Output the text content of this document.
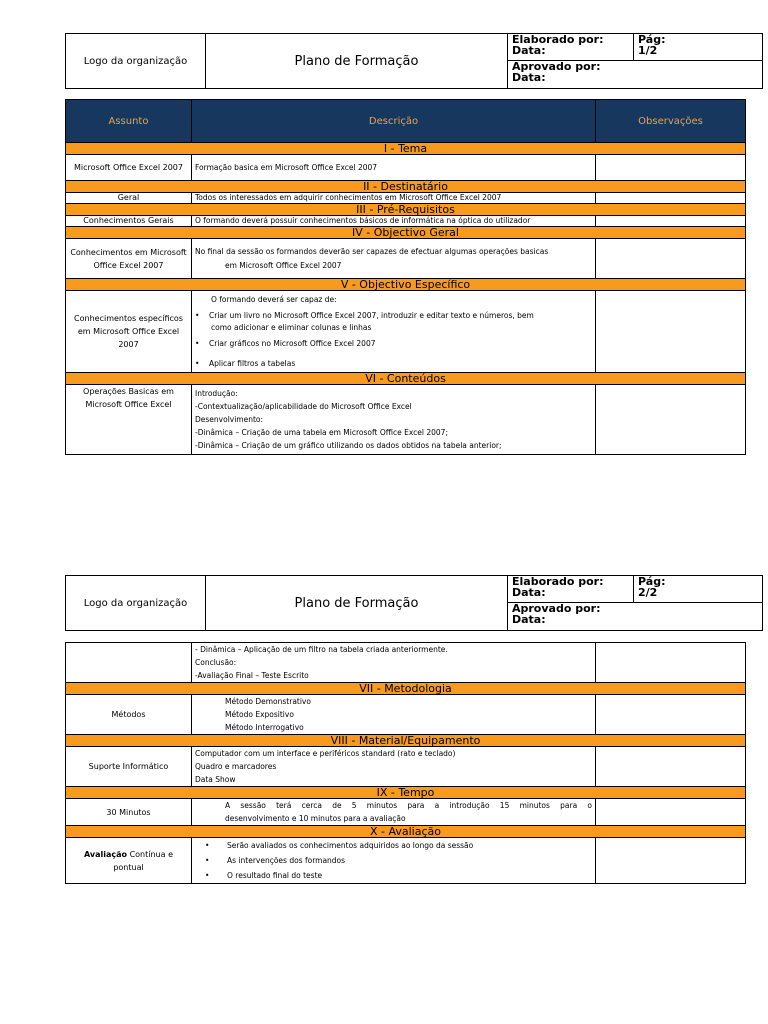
Logo da organização	Plano de Formação	
Elaborado por:
Data:

Pág:
1/2

Aprovado por:
Data:
Assunto	Descrição	Observações
I - Tema		
Microsoft Office Excel 2007	Formação basica em Microsoft Office Excel 2007	

II - Destinatário		
Geral	Todos os interessados em adquirir conhecimentos em Microsoft Office Excel 2007	

III - Pré-Requisitos		
Conhecimentos Gerais	O formando deverá possuir conhecimentos básicos de informática na óptica do utilizador	

IV - Objectivo Geral		
Conhecimentos em Microsoft Office Excel 2007	No final da sessão os formandos deverão ser capazes de efectuar algumas operações basicas
em Microsoft Office Excel 2007	

V - Objectivo Específico		
Conhecimentos específicos em Microsoft Office Excel 2007	O formando deverá ser capaz de:
• Criar um livro no Microsoft Office Excel 2007, introduzir e editar texto e números, bem
como adicionar e eliminar colunas e linhas
• Criar gráficos no Microsoft Office Excel 2007
• Aplicar filtros a tabelas

VI - Conteúdos		
Operações Basicas em Microsoft Office Excel	Introdução:
-Contextualização/aplicabilidade do Microsoft Office Excel
Desenvolvimento:
-Dinâmica – Criação de uma tabela em Microsoft Office Excel 2007;
-Dinâmica – Criação de um gráfico utilizando os dados obtidos na tabela anterior;	

Logo da organização	Plano de Formação	
Elaborado por:
Data:

Pág:
2/2

Aprovado por:
Data:

	- Dinâmica – Aplicação de um filtro na tabela criada anteriormente.
Conclusão:
-Avaliação Final – Teste Escrito	

VII - Metodologia		
Métodos	Método Demonstrativo
Método Expositivo
Método Interrogativo	

VIII - Material/Equipamento		
Suporte Informático	Computador com um interface e periféricos standard (rato e teclado)
Quadro e marcadores
Data Show	

IX - Tempo		
30 Minutos	A sessão terá cerca de 5 minutos para a introdução 15 minutos para o
desenvolvimento e 10 minutos para a avaliação	

X - Avaliação		
Avaliação Contínua e pontual	• Serão avaliados os conhecimentos adquiridos ao longo da sessão
• As intervenções dos formandos
• O resultado final do teste
